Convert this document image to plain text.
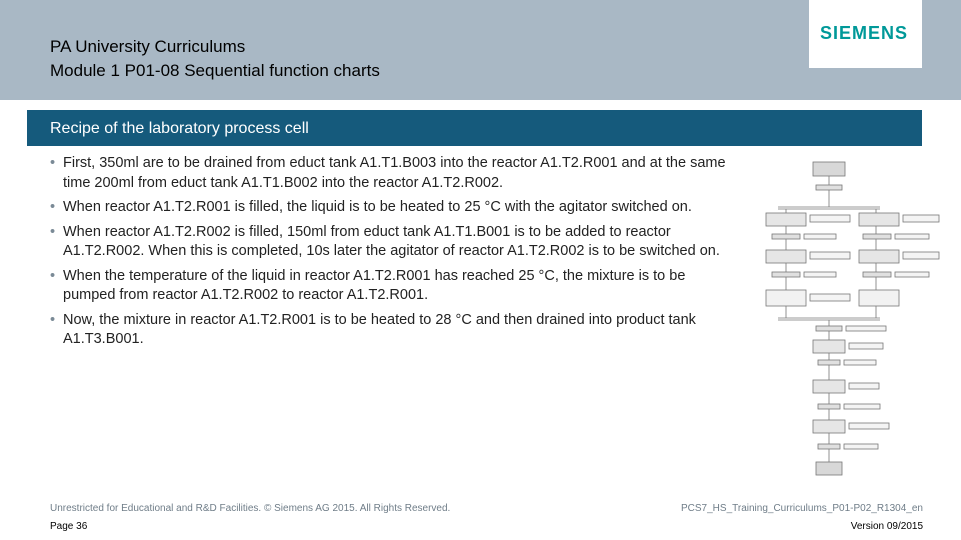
PA University Curriculums
Module 1 P01-08 Sequential function charts
SIEMENS
Recipe of the laboratory process cell
• First, 350ml are to be drained from educt tank A1.T1.B003 into the reactor A1.T2.R001 and at the same time 200ml from educt tank A1.T1.B002 into the reactor A1.T2.R002.
• When reactor A1.T2.R001 is filled, the liquid is to be heated to 25 °C with the agitator switched on.
• When reactor A1.T2.R002 is filled, 150ml from educt tank A1.T1.B001 is to be added to reactor A1.T2.R002. When this is completed, 10s later the agitator of reactor A1.T2.R002 is to be switched on.
• When the temperature of the liquid in reactor A1.T2.R001 has reached 25 °C, the mixture is to be pumped from reactor A1.T2.R002 to reactor A1.T2.R001.
• Now, the mixture in reactor A1.T2.R001 is to be heated to 28 °C and then drained into product tank A1.T3.B001.
Unrestricted for Educational and R&D Facilities. © Siemens AG 2015. All Rights Reserved.	PCS7_HS_Training_Curriculums_P01-P02_R1304_en
Page 36	Version 09/2015
